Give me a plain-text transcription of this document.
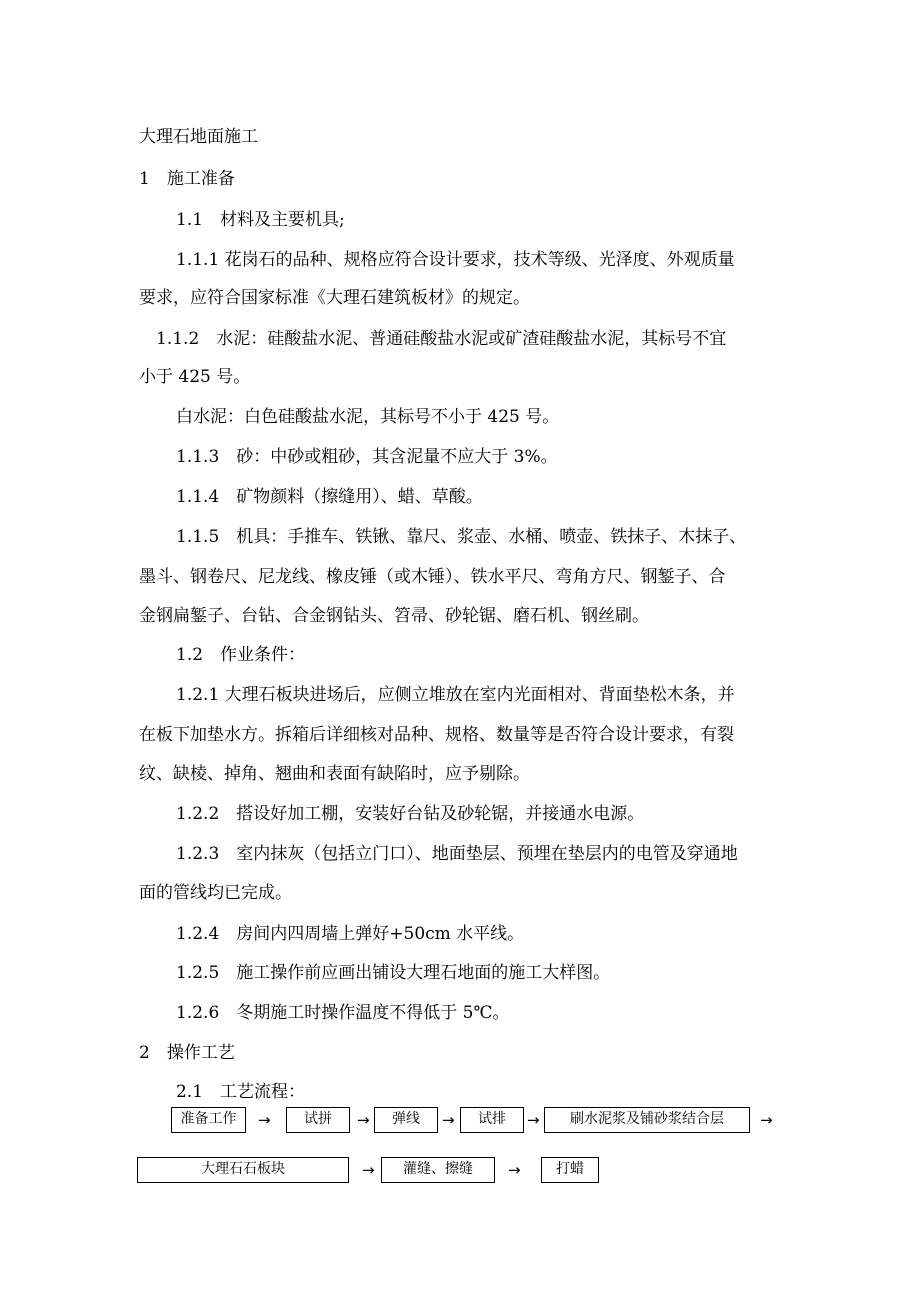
大理石地面施工
1　施工准备
1.1　材料及主要机具;
1.1.1 花岗石的品种、规格应符合设计要求，技术等级、光泽度、外观质量
要求，应符合国家标准《大理石建筑板材》的规定。
1.1.2　水泥：硅酸盐水泥、普通硅酸盐水泥或矿渣硅酸盐水泥，其标号不宜
小于 425 号。
白水泥：白色硅酸盐水泥，其标号不小于 425 号。
1.1.3　砂：中砂或粗砂，其含泥量不应大于 3%。
1.1.4　矿物颜料（擦缝用）、蜡、草酸。
1.1.5　机具：手推车、铁锹、靠尺、浆壶、水桶、喷壶、铁抹子、木抹子、
墨斗、钢卷尺、尼龙线、橡皮锤（或木锤）、铁水平尺、弯角方尺、钢錾子、合
金钢扁錾子、台钻、合金钢钻头、笤帚、砂轮锯、磨石机、钢丝刷。
1.2　作业条件：
1.2.1 大理石板块进场后，应侧立堆放在室内光面相对、背面垫松木条，并
在板下加垫水方。拆箱后详细核对品种、规格、数量等是否符合设计要求，有裂
纹、缺棱、掉角、翘曲和表面有缺陷时，应予剔除。
1.2.2　搭设好加工棚，安装好台钻及砂轮锯，并接通水电源。
1.2.3　室内抹灰（包括立门口）、地面垫层、预埋在垫层内的电管及穿通地
面的管线均已完成。
1.2.4　房间内四周墙上弹好+50cm 水平线。
1.2.5　施工操作前应画出铺设大理石地面的施工大样图。
1.2.6　冬期施工时操作温度不得低于 5℃。
2　操作工艺
2.1　工艺流程：
准备工作	→	试拼	→	弹线	→	试排	→	刷水泥浆及铺砂浆结合层	→
大理石石板块	→	灌缝、擦缝	→	打蜡
